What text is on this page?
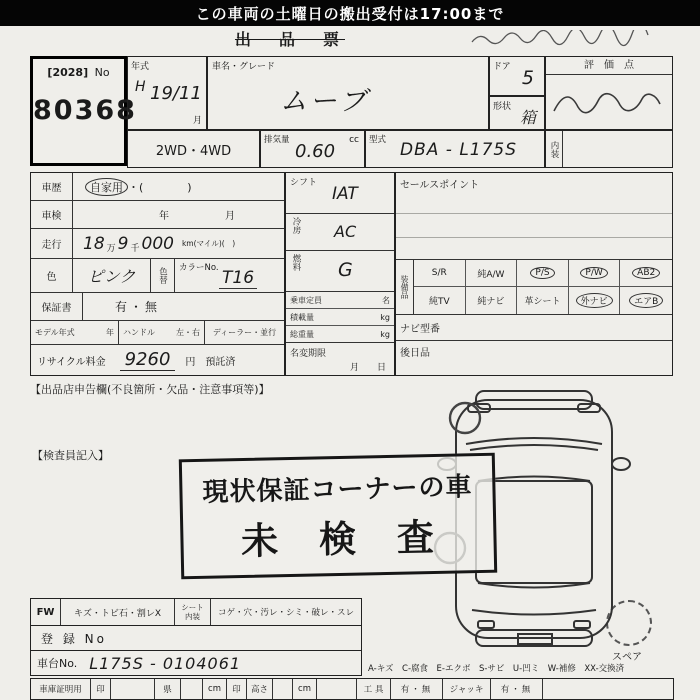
この車両の土曜日の搬出受付は17:00まで
出　品　票
[2028] No
80368
年式
H 19/11
月
車名・グレード
ムーブ
ドア 5
形状
箱
評　価　点
2WD・4WD
排気量
0.60
cc 型式 DBA - L175S	内装
車歴	自家用 ・(　　　　)
車検	年	月
走行	18 万 9 千 000 km(マイル)(　)
色	ピンク	色替 カラーNo. T16
保証書	有・無
モデル年式	年 ハンドル	左・右	ディーラー・並行
リサイクル料金 9260	円　預託済
シフト
IAT
冷房 AC
燃料 G
乗車定員	名
積載量	kg
総重量	kg
名変期限
月　　日
セールスポイント
装備品
S/R	純A/W	P/S	P/W	AB2
純TV	純ナビ 革シート	外ナビ	エアB
ナビ型番
後日品
【出品店申告欄(不良箇所・欠品・注意事項等)】
【検査員記入】
現状保証コーナーの車
未 検 査
FW キズ・トビ石・割レX
シート
内装 コゲ・穴・汚レ・シミ・破レ・スレ
登 録 No
車台No. L175S - 0104061	A-キズ　C-腐食　E-エクボ　S-サビ　U-凹ミ　W-補修　XX-交換済
スペア
車庫証明用 印	県	cm 印 高さ	cm	工 具 有・無 ジャッキ 有・無
